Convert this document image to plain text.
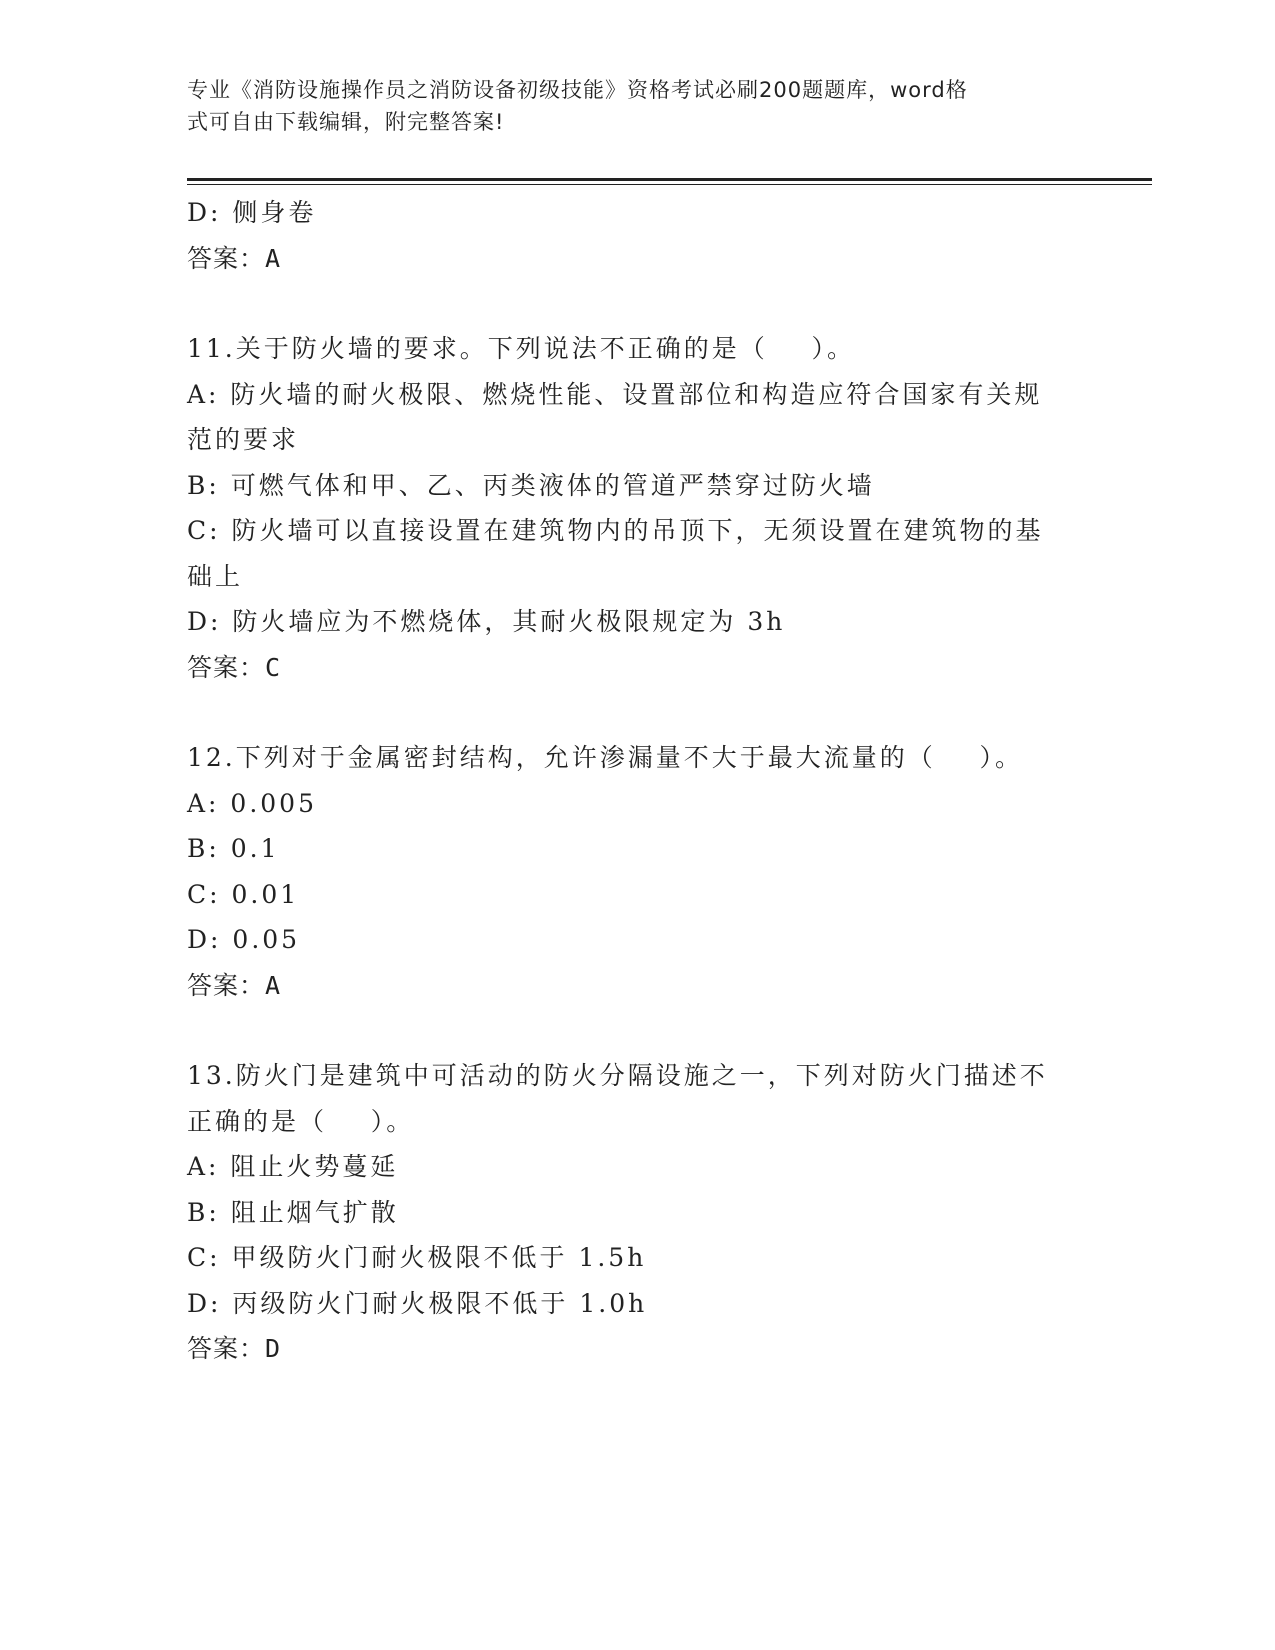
专业《消防设施操作员之消防设备初级技能》资格考试必刷200题题库，word格
式可自由下载编辑，附完整答案!
D: 侧身卷
答案：A
11.关于防火墙的要求。下列说法不正确的是（    ）。
A: 防火墙的耐火极限、燃烧性能、设置部位和构造应符合国家有关规
范的要求
B: 可燃气体和甲、乙、丙类液体的管道严禁穿过防火墙
C: 防火墙可以直接设置在建筑物内的吊顶下，无须设置在建筑物的基
础上
D: 防火墙应为不燃烧体，其耐火极限规定为 3h
答案：C
12.下列对于金属密封结构，允许渗漏量不大于最大流量的（    ）。
A: 0.005
B: 0.1
C: 0.01
D: 0.05
答案：A
13.防火门是建筑中可活动的防火分隔设施之一，下列对防火门描述不
正确的是（    ）。
A: 阻止火势蔓延
B: 阻止烟气扩散
C: 甲级防火门耐火极限不低于 1.5h
D: 丙级防火门耐火极限不低于 1.0h
答案：D
